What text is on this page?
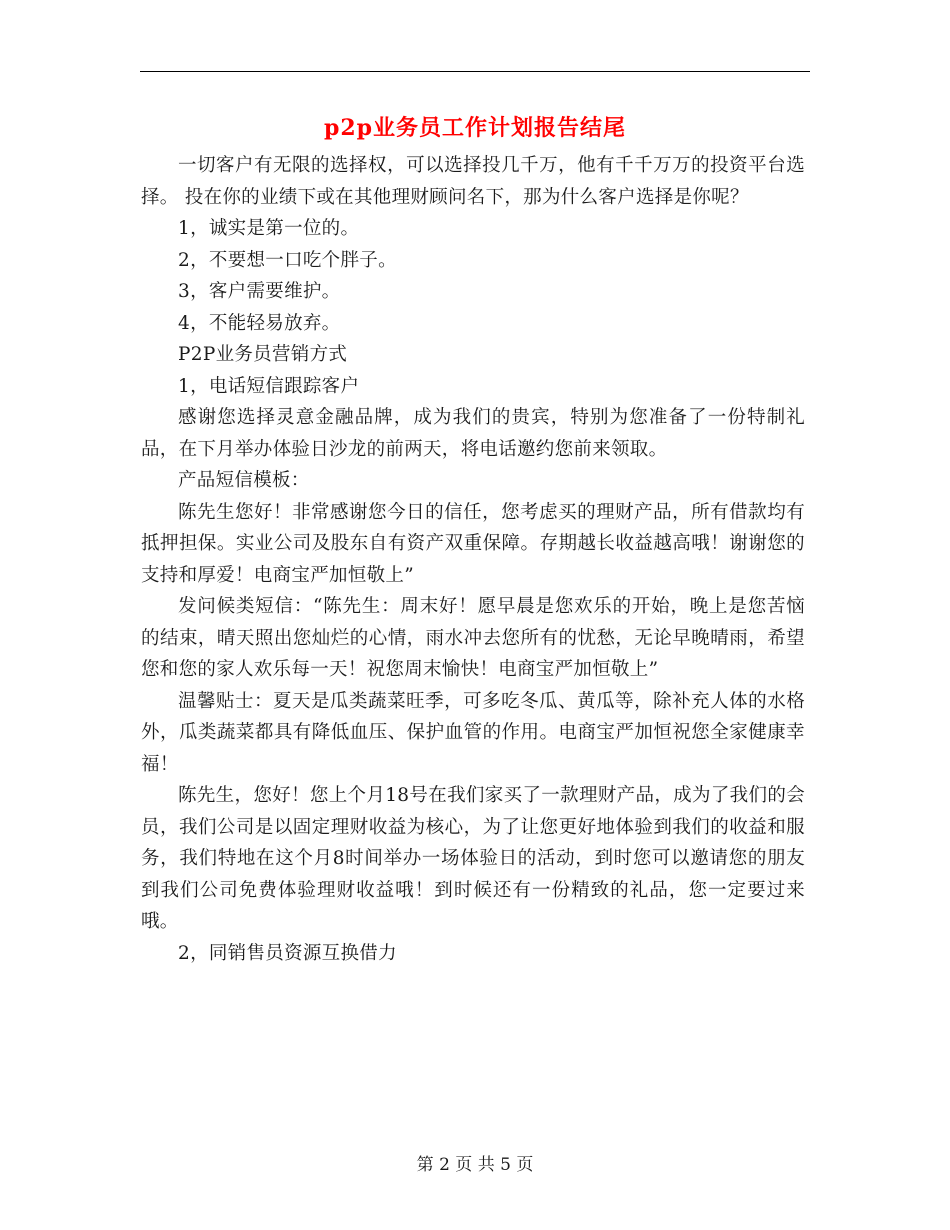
p2p业务员工作计划报告结尾

一切客户有无限的选择权，可以选择投几千万，他有千千万万的投资平台选择。 投在你的业绩下或在其他理财顾问名下，那为什么客户选择是你呢？

1，诚实是第一位的。

2，不要想一口吃个胖子。

3，客户需要维护。

4，不能轻易放弃。

P2P业务员营销方式

1，电话短信跟踪客户

感谢您选择灵意金融品牌，成为我们的贵宾，特别为您准备了一份特制礼品，在下月举办体验日沙龙的前两天，将电话邀约您前来领取。

产品短信模板：

陈先生您好！非常感谢您今日的信任，您考虑买的理财产品，所有借款均有抵押担保。实业公司及股东自有资产双重保障。存期越长收益越高哦！谢谢您的支持和厚爱！电商宝严加恒敬上”

发问候类短信：“陈先生：周末好！愿早晨是您欢乐的开始，晚上是您苦恼的结束，晴天照出您灿烂的心情，雨水冲去您所有的忧愁，无论早晚晴雨，希望您和您的家人欢乐每一天！祝您周末愉快！电商宝严加恒敬上”

温馨贴士：夏天是瓜类蔬菜旺季，可多吃冬瓜、黄瓜等，除补充人体的水格外，瓜类蔬菜都具有降低血压、保护血管的作用。电商宝严加恒祝您全家健康幸福！

陈先生，您好！您上个月18号在我们家买了一款理财产品，成为了我们的会员，我们公司是以固定理财收益为核心，为了让您更好地体验到我们的收益和服务，我们特地在这个月8时间举办一场体验日的活动，到时您可以邀请您的朋友到我们公司免费体验理财收益哦！到时候还有一份精致的礼品，您一定要过来哦。

2，同销售员资源互换借力

第 2 页 共 5 页
